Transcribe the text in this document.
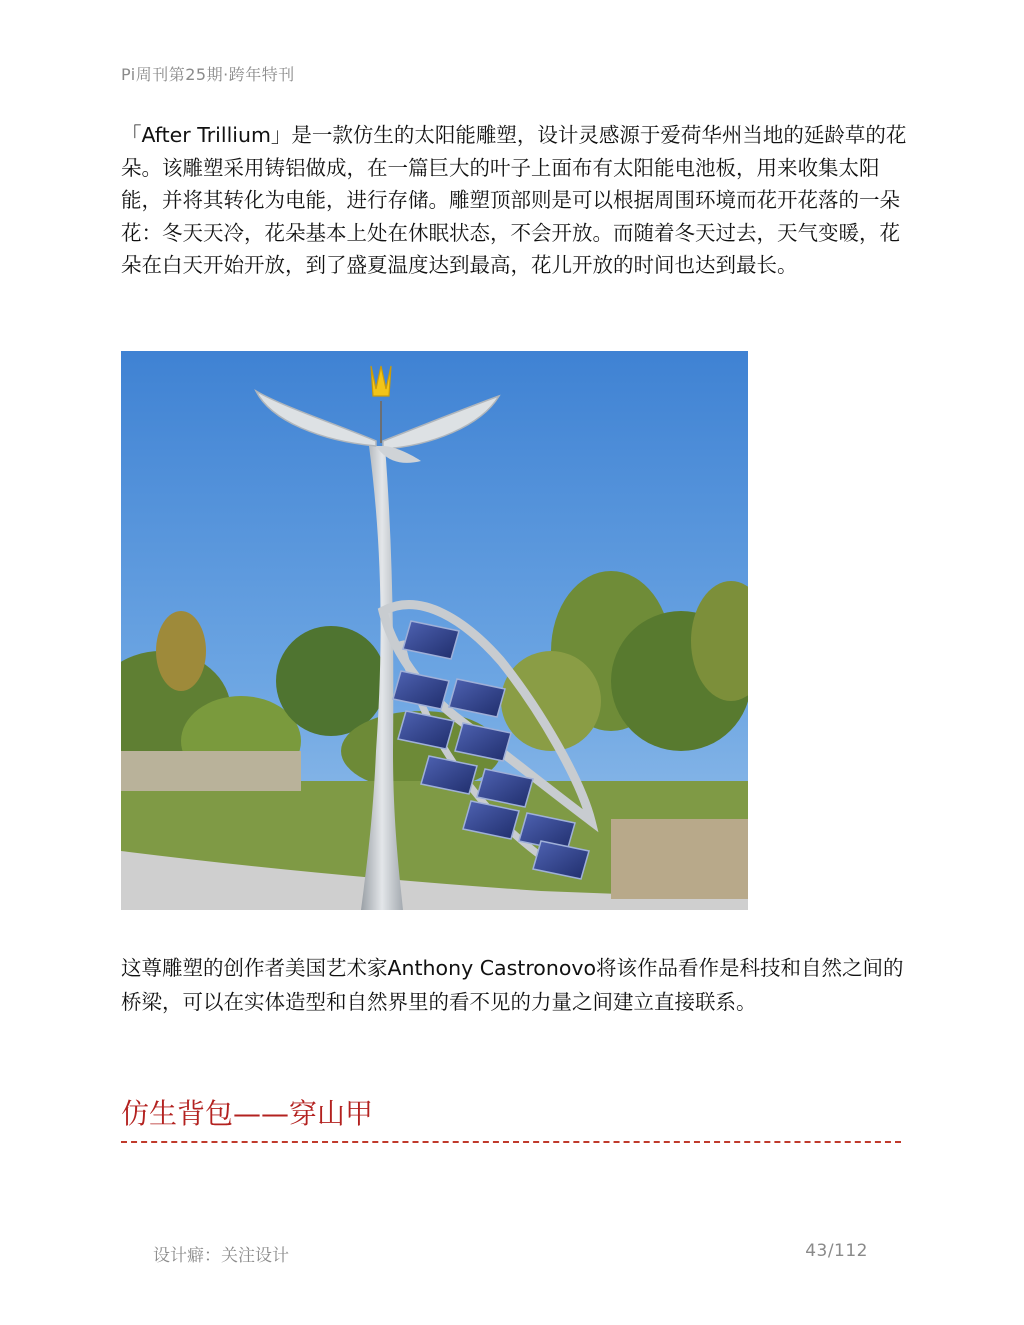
Pi周刊第25期·跨年特刊

「After Trillium」是一款仿生的太阳能雕塑，设计灵感源于爱荷华州当地的延龄草的花朵。该雕塑采用铸铝做成，在一篇巨大的叶子上面布有太阳能电池板，用来收集太阳能，并将其转化为电能，进行存储。雕塑顶部则是可以根据周围环境而花开花落的一朵花：冬天天冷，花朵基本上处在休眠状态，不会开放。而随着冬天过去，天气变暖，花朵在白天开始开放，到了盛夏温度达到最高，花儿开放的时间也达到最长。

这尊雕塑的创作者美国艺术家Anthony Castronovo将该作品看作是科技和自然之间的桥梁，可以在实体造型和自然界里的看不见的力量之间建立直接联系。

仿生背包——穿山甲
设计癖：关注设计	43/112
